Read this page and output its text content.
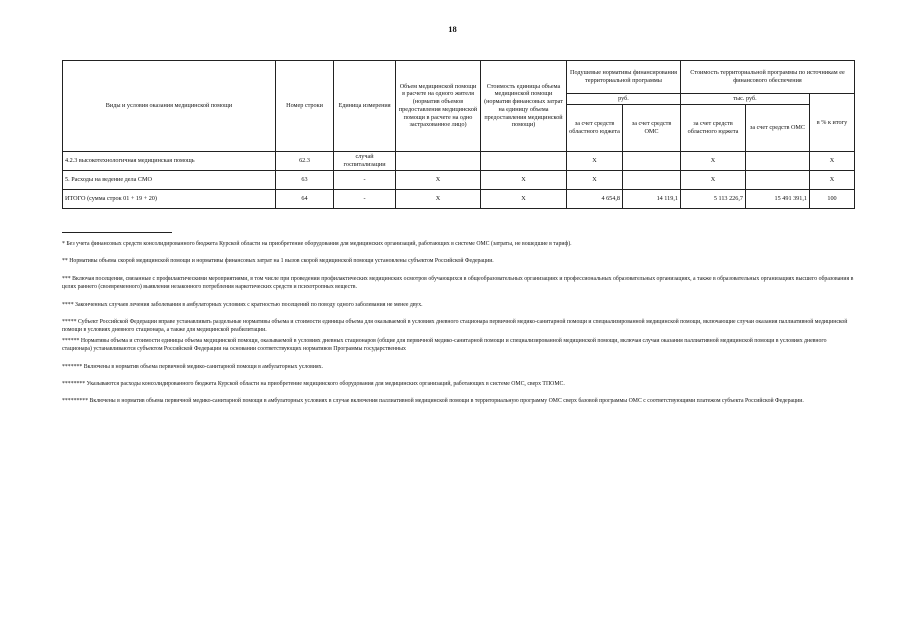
18
Виды и условия оказания медицинской помощи	Номер строки	Единица измерения	Объем медицинской помощи в расчете на одного жителя (норматив объемов предоставления медицинской помощи в расчете на одно застрахованное лицо)	Стоимость единицы объема медицинской помощи (норматив финансовых затрат на единицу объема предоставления медицинской помощи)	Подушевые нормативы финансирования территориальной программы		Стоимость территориальной программы по источникам ее финансового обеспечения		
					руб.		тыс. руб.		в % к итогу
					за счет средств областного юджета	за счет средств ОМС	за счет средств областного юджета	за счет средств ОМС	
4.2.3 высокотехнологичная медицинская помощь	62.3	случай госпитализации			X		X		X
5. Расходы на ведение дела СМО	63	-	X	X	X		X		X
ИТОГО (сумма строк 01 + 19 + 20)	64	-	X	X	4 654,8	14 119,1	5 113 226,7	15 491 391,1	100

* Без учета финансовых средств консолидированного бюджета Курской области на приобретение оборудования для медицинских организаций, работающих в системе ОМС (затраты, не вошедшие в тариф).

** Нормативы объема скорой медицинской помощи и нормативы финансовых затрат на 1 вызов скорой медицинской помощи установлены субъектом Российской Федерации.

*** Включая посещения, связанные с профилактическими мероприятиями, в том числе при проведении профилактических медицинских осмотров обучающихся в общеобразовательных организациях и профессиональных образовательных организациях, а также в образовательных организациях высшего образования в целях раннего (своевременного) выявления незаконного потребления наркотических средств и психотропных веществ.

**** Законченных случаев лечения заболевания в амбулаторных условиях с кратностью посещений по поводу одного заболевания не менее двух.

***** Субъект Российской Федерации вправе устанавливать раздельные нормативы объема и стоимости единицы объема для оказываемой в условиях дневного стационара первичной медико-санитарной помощи и специализированной медицинской помощи, включающие случаи оказания паллиативной медицинской помощи в условиях дневного стационара, а также для медицинской реабилитации.

****** Нормативы объема и стоимости единицы объема медицинской помощи, оказываемой в условиях дневных стационаров (общие для первичной медико-санитарной помощи и специализированной медицинской помощи, включая случаи оказания паллиативной медицинской помощи в условиях дневного стационара) устанавливаются субъектом Российской Федерации на основании соответствующих нормативов Программы государственных

******* Включены в норматив объема первичной медико-санитарной помощи в амбулаторных условиях.

******** Указываются расходы консолидированного бюджета Курской области на приобретение медицинского оборудования для медицинских организаций, работающих в системе ОМС, сверх ТПОМС.

********* Включены в норматив объема первичной медико-санитарной помощи в амбулаторных условиях в случае включения паллиативной медицинской помощи в территориальную программу ОМС сверх базовой программы ОМС с соответствующими платежом субъекта Российской Федерации.
